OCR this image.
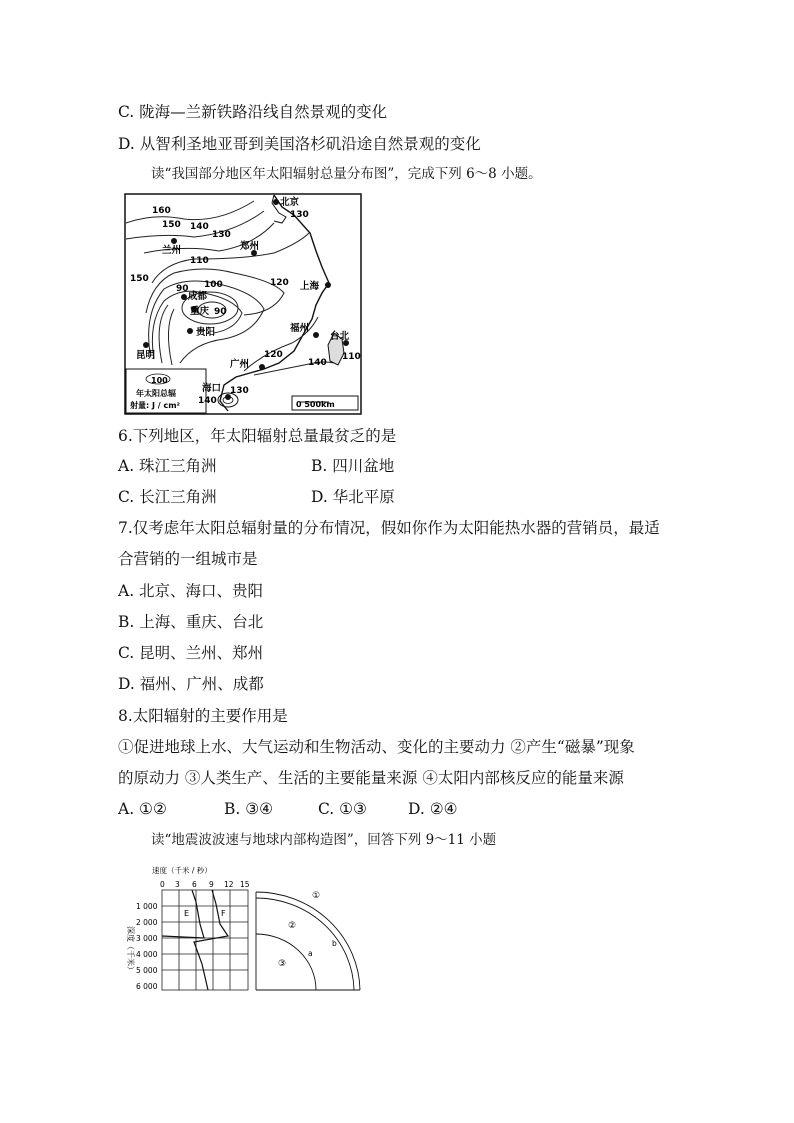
C. 陇海—兰新铁路沿线自然景观的变化
D. 从智利圣地亚哥到美国洛杉矶沿途自然景观的变化
读“我国部分地区年太阳辐射总量分布图”，完成下列 6～8 小题。
100
年太阳总辐
射量: J / cm²	0 500km
160
150 140
130
130
110
120
150
90 100
90
120
140
110
130
140
北京
郑州
兰州
上海
成都
重庆
贵阳	福州
台北
昆明
广州
海口
6.下列地区，年太阳辐射总量最贫乏的是
A. 珠江三角洲	B. 四川盆地
C. 长江三角洲	D. 华北平原
7.仅考虑年太阳总辐射量的分布情况，假如你作为太阳能热水器的营销员，最适
合营销的一组城市是
A. 北京、海口、贵阳
B. 上海、重庆、台北
C. 昆明、兰州、郑州
D. 福州、广州、成都
8.太阳辐射的主要作用是
①促进地球上水、大气运动和生物活动、变化的主要动力 ②产生“磁暴”现象
的原动力 ③人类生产、生活的主要能量来源 ④太阳内部核反应的能量来源
A. ①②	B. ③④	C. ①③	D. ②④
读“地震波波速与地球内部构造图”，回答下列 9～11 小题
速度（千米 / 秒）
0 3 6 9 12 15
1 000
2 000
3 000
4 000
5 000
6 000
深度（千米）
E	F
①
②
③
a
b
